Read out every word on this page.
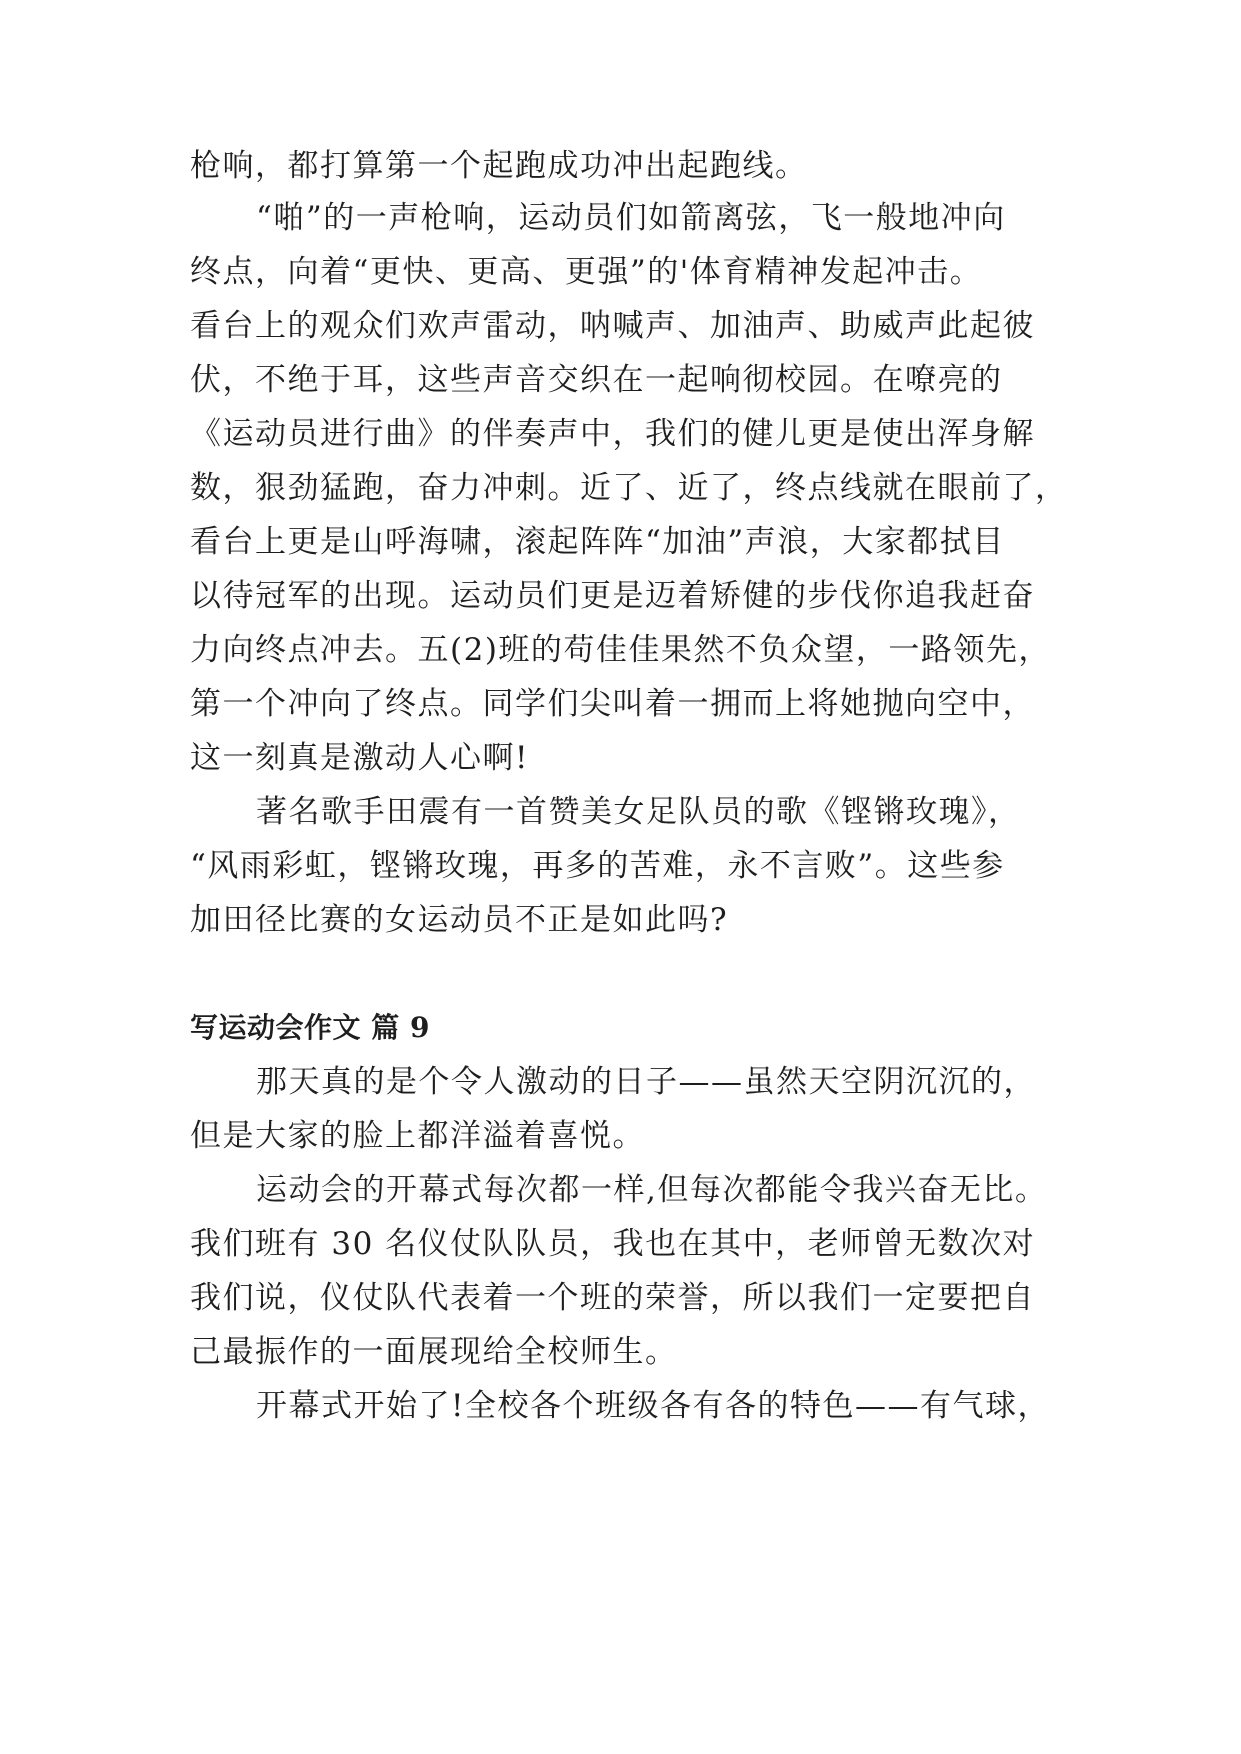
枪响，都打算第一个起跑成功冲出起跑线。

“啪”的一声枪响，运动员们如箭离弦，飞一般地冲向

终点，向着“更快、更高、更强”的'体育精神发起冲击。

看台上的观众们欢声雷动，呐喊声、加油声、助威声此起彼

伏，不绝于耳，这些声音交织在一起响彻校园。在嘹亮的

《运动员进行曲》的伴奏声中，我们的健儿更是使出浑身解

数，狠劲猛跑，奋力冲刺。近了、近了，终点线就在眼前了，

看台上更是山呼海啸，滚起阵阵“加油”声浪，大家都拭目

以待冠军的出现。运动员们更是迈着矫健的步伐你追我赶奋

力向终点冲去。五(2)班的苟佳佳果然不负众望，一路领先，

第一个冲向了终点。同学们尖叫着一拥而上将她抛向空中，

这一刻真是激动人心啊!

著名歌手田震有一首赞美女足队员的歌《铿锵玫瑰》，

“风雨彩虹，铿锵玫瑰，再多的苦难，永不言败”。这些参

加田径比赛的女运动员不正是如此吗?

写运动会作文 篇 9

那天真的是个令人激动的日子——虽然天空阴沉沉的，

但是大家的脸上都洋溢着喜悦。

运动会的开幕式每次都一样,但每次都能令我兴奋无比。

我们班有 30 名仪仗队队员，我也在其中，老师曾无数次对

我们说，仪仗队代表着一个班的荣誉，所以我们一定要把自

己最振作的一面展现给全校师生。

开幕式开始了!全校各个班级各有各的特色——有气球，
